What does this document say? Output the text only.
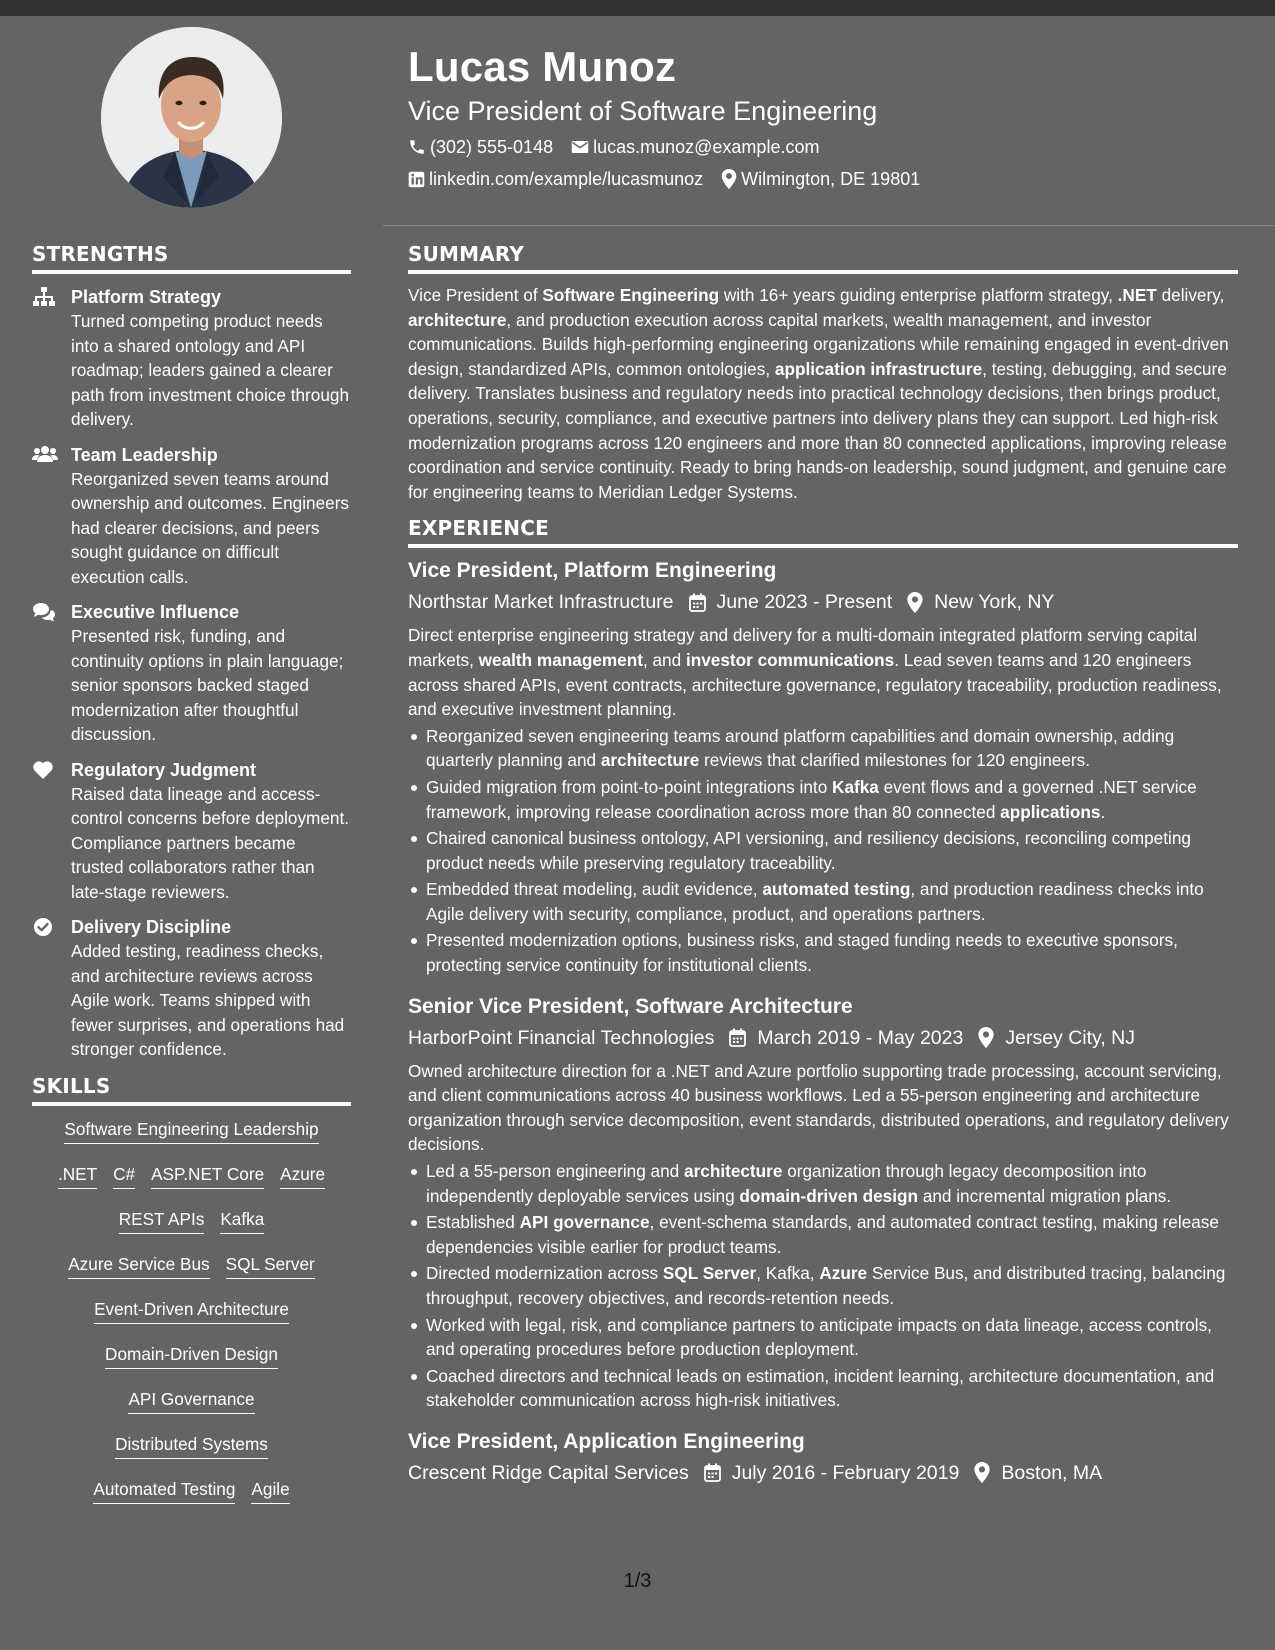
Lucas Munoz
Vice President of Software Engineering
(302) 555-0148 lucas.munoz@example.com
linkedin.com/example/lucasmunoz Wilmington, DE 19801
STRENGTHS
Platform Strategy
Turned competing product needs into a shared ontology and API roadmap; leaders gained a clearer path from investment choice through delivery.
Team Leadership
Reorganized seven teams around ownership and outcomes. Engineers had clearer decisions, and peers sought guidance on difficult execution calls.
Executive Influence
Presented risk, funding, and continuity options in plain language; senior sponsors backed staged modernization after thoughtful discussion.
Regulatory Judgment
Raised data lineage and access-control concerns before deployment. Compliance partners became trusted collaborators rather than late-stage reviewers.
Delivery Discipline
Added testing, readiness checks, and architecture reviews across Agile work. Teams shipped with fewer surprises, and operations had stronger confidence.
SKILLS
Software Engineering Leadership
.NET C# ASP.NET Core Azure
REST APIs Kafka
Azure Service Bus SQL Server
Event-Driven Architecture
Domain-Driven Design
API Governance
Distributed Systems
Automated Testing Agile
SUMMARY
Vice President of Software Engineering with 16+ years guiding enterprise platform strategy, .NET delivery, architecture, and production execution across capital markets, wealth management, and investor communications. Builds high-performing engineering organizations while remaining engaged in event-driven design, standardized APIs, common ontologies, application infrastructure, testing, debugging, and secure delivery. Translates business and regulatory needs into practical technology decisions, then brings product, operations, security, compliance, and executive partners into delivery plans they can support. Led high-risk modernization programs across 120 engineers and more than 80 connected applications, improving release coordination and service continuity. Ready to bring hands-on leadership, sound judgment, and genuine care for engineering teams to Meridian Ledger Systems.
EXPERIENCE
Vice President, Platform Engineering
Northstar Market Infrastructure June 2023 - Present New York, NY
Direct enterprise engineering strategy and delivery for a multi-domain integrated platform serving capital markets, wealth management, and investor communications. Lead seven teams and 120 engineers across shared APIs, event contracts, architecture governance, regulatory traceability, production readiness, and executive investment planning.
Reorganized seven engineering teams around platform capabilities and domain ownership, adding quarterly planning and architecture reviews that clarified milestones for 120 engineers.
Guided migration from point-to-point integrations into Kafka event flows and a governed .NET service framework, improving release coordination across more than 80 connected applications.
Chaired canonical business ontology, API versioning, and resiliency decisions, reconciling competing product needs while preserving regulatory traceability.
Embedded threat modeling, audit evidence, automated testing, and production readiness checks into Agile delivery with security, compliance, product, and operations partners.
Presented modernization options, business risks, and staged funding needs to executive sponsors, protecting service continuity for institutional clients.
Senior Vice President, Software Architecture
HarborPoint Financial Technologies March 2019 - May 2023 Jersey City, NJ
Owned architecture direction for a .NET and Azure portfolio supporting trade processing, account servicing, and client communications across 40 business workflows. Led a 55-person engineering and architecture organization through service decomposition, event standards, distributed operations, and regulatory delivery decisions.
Led a 55-person engineering and architecture organization through legacy decomposition into independently deployable services using domain-driven design and incremental migration plans.
Established API governance, event-schema standards, and automated contract testing, making release dependencies visible earlier for product teams.
Directed modernization across SQL Server, Kafka, Azure Service Bus, and distributed tracing, balancing throughput, recovery objectives, and records-retention needs.
Worked with legal, risk, and compliance partners to anticipate impacts on data lineage, access controls, and operating procedures before production deployment.
Coached directors and technical leads on estimation, incident learning, architecture documentation, and stakeholder communication across high-risk initiatives.
Vice President, Application Engineering
Crescent Ridge Capital Services July 2016 - February 2019 Boston, MA
1/3
